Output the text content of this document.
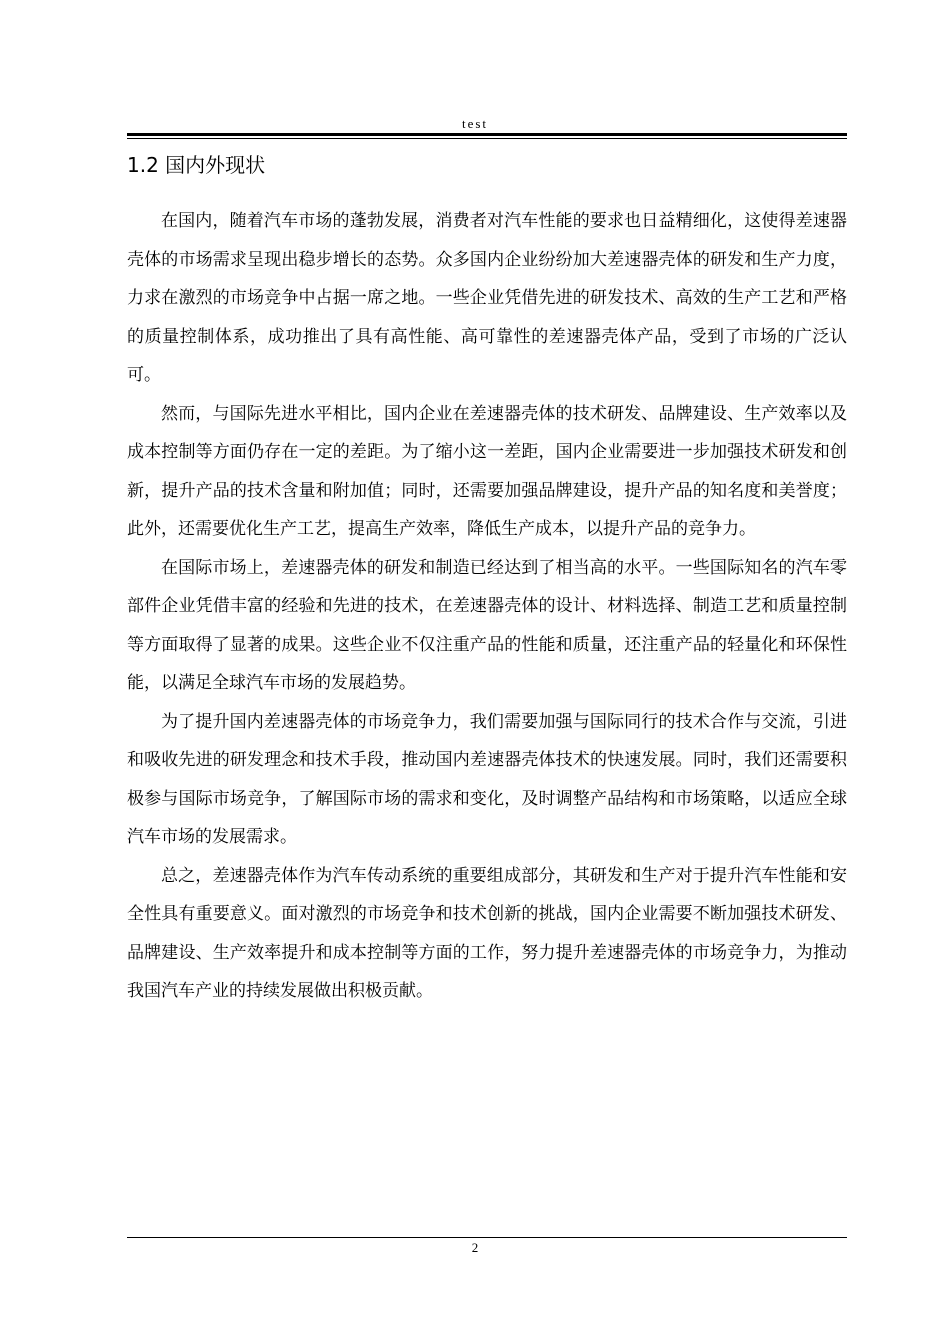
test
1.2 国内外现状

在国内，随着汽车市场的蓬勃发展，消费者对汽车性能的要求也日益精细化，这使得差速器壳体的市场需求呈现出稳步增长的态势。众多国内企业纷纷加大差速器壳体的研发和生产力度，力求在激烈的市场竞争中占据一席之地。一些企业凭借先进的研发技术、高效的生产工艺和严格的质量控制体系，成功推出了具有高性能、高可靠性的差速器壳体产品，受到了市场的广泛认可。

然而，与国际先进水平相比，国内企业在差速器壳体的技术研发、品牌建设、生产效率以及成本控制等方面仍存在一定的差距。为了缩小这一差距，国内企业需要进一步加强技术研发和创新，提升产品的技术含量和附加值；同时，还需要加强品牌建设，提升产品的知名度和美誉度；此外，还需要优化生产工艺，提高生产效率，降低生产成本，以提升产品的竞争力。

在国际市场上，差速器壳体的研发和制造已经达到了相当高的水平。一些国际知名的汽车零部件企业凭借丰富的经验和先进的技术，在差速器壳体的设计、材料选择、制造工艺和质量控制等方面取得了显著的成果。这些企业不仅注重产品的性能和质量，还注重产品的轻量化和环保性能，以满足全球汽车市场的发展趋势。

为了提升国内差速器壳体的市场竞争力，我们需要加强与国际同行的技术合作与交流，引进和吸收先进的研发理念和技术手段，推动国内差速器壳体技术的快速发展。同时，我们还需要积极参与国际市场竞争，了解国际市场的需求和变化，及时调整产品结构和市场策略，以适应全球汽车市场的发展需求。

总之，差速器壳体作为汽车传动系统的重要组成部分，其研发和生产对于提升汽车性能和安全性具有重要意义。面对激烈的市场竞争和技术创新的挑战，国内企业需要不断加强技术研发、品牌建设、生产效率提升和成本控制等方面的工作，努力提升差速器壳体的市场竞争力，为推动我国汽车产业的持续发展做出积极贡献。

2
